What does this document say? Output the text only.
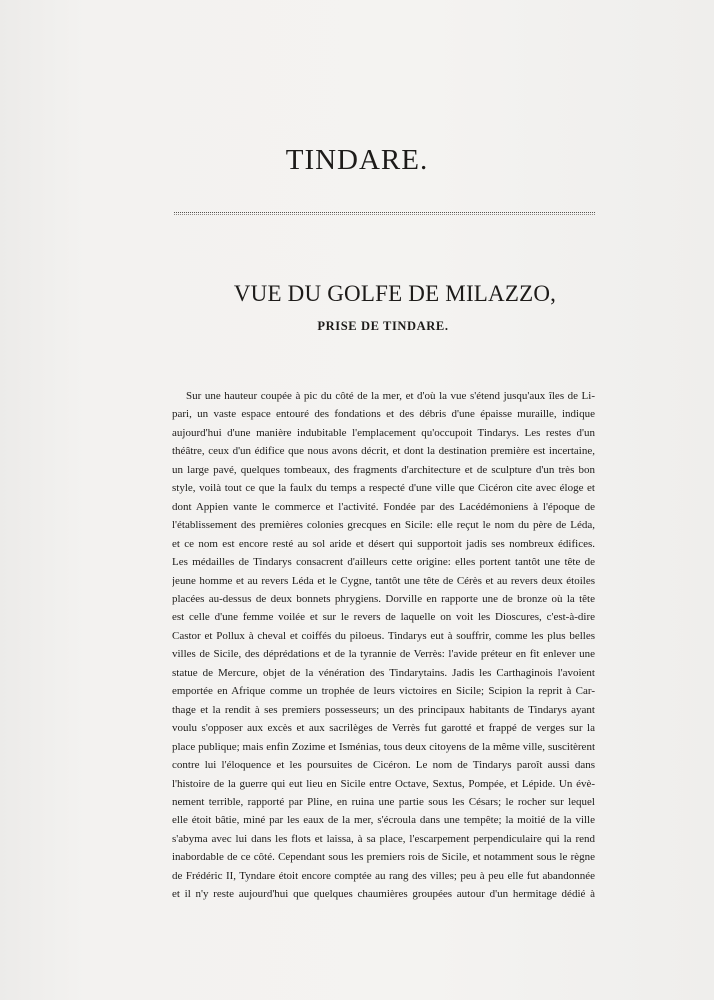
TINDARE.
VUE DU GOLFE DE MILAZZO,
PRISE DE TINDARE.
Sur une hauteur coupée à pic du côté de la mer, et d'où la vue s'étend jusqu'aux îles de Li-
pari, un vaste espace entouré des fondations et des débris d'une épaisse muraille, indique
aujourd'hui d'une manière indubitable l'emplacement qu'occupoit Tindarys. Les restes d'un
théâtre, ceux d'un édifice que nous avons décrit, et dont la destination première est incertaine,
un large pavé, quelques tombeaux, des fragments d'architecture et de sculpture d'un très bon
style, voilà tout ce que la faulx du temps a respecté d'une ville que Cicéron cite avec éloge et
dont Appien vante le commerce et l'activité. Fondée par des Lacédémoniens à l'époque de
l'établissement des premières colonies grecques en Sicile: elle reçut le nom du père de Léda,
et ce nom est encore resté au sol aride et désert qui supportoit jadis ses nombreux édifices.
Les médailles de Tindarys consacrent d'ailleurs cette origine: elles portent tantôt une tête de
jeune homme et au revers Léda et le Cygne, tantôt une tête de Cérès et au revers deux étoiles
placées au-dessus de deux bonnets phrygiens. Dorville en rapporte une de bronze où la tête
est celle d'une femme voilée et sur le revers de laquelle on voit les Dioscures, c'est-à-dire
Castor et Pollux à cheval et coiffés du piloeus. Tindarys eut à souffrir, comme les plus belles
villes de Sicile, des déprédations et de la tyrannie de Verrès: l'avide préteur en fit enlever une
statue de Mercure, objet de la vénération des Tindarytains. Jadis les Carthaginois l'avoient
emportée en Afrique comme un trophée de leurs victoires en Sicile; Scipion la reprit à Car-
thage et la rendit à ses premiers possesseurs; un des principaux habitants de Tindarys ayant
voulu s'opposer aux excès et aux sacrilèges de Verrès fut garotté et frappé de verges sur la
place publique; mais enfin Zozime et Isménias, tous deux citoyens de la même ville, suscitèrent
contre lui l'éloquence et les poursuites de Cicéron. Le nom de Tindarys paroît aussi dans
l'histoire de la guerre qui eut lieu en Sicile entre Octave, Sextus, Pompée, et Lépide. Un évè-
nement terrible, rapporté par Pline, en ruina une partie sous les Césars; le rocher sur lequel
elle étoit bâtie, miné par les eaux de la mer, s'écroula dans une tempête; la moitié de la ville
s'abyma avec lui dans les flots et laissa, à sa place, l'escarpement perpendiculaire qui la rend
inabordable de ce côté. Cependant sous les premiers rois de Sicile, et notamment sous le règne
de Frédéric II, Tyndare étoit encore comptée au rang des villes; peu à peu elle fut abandonnée
et il n'y reste aujourd'hui que quelques chaumières groupées autour d'un hermitage dédié à
